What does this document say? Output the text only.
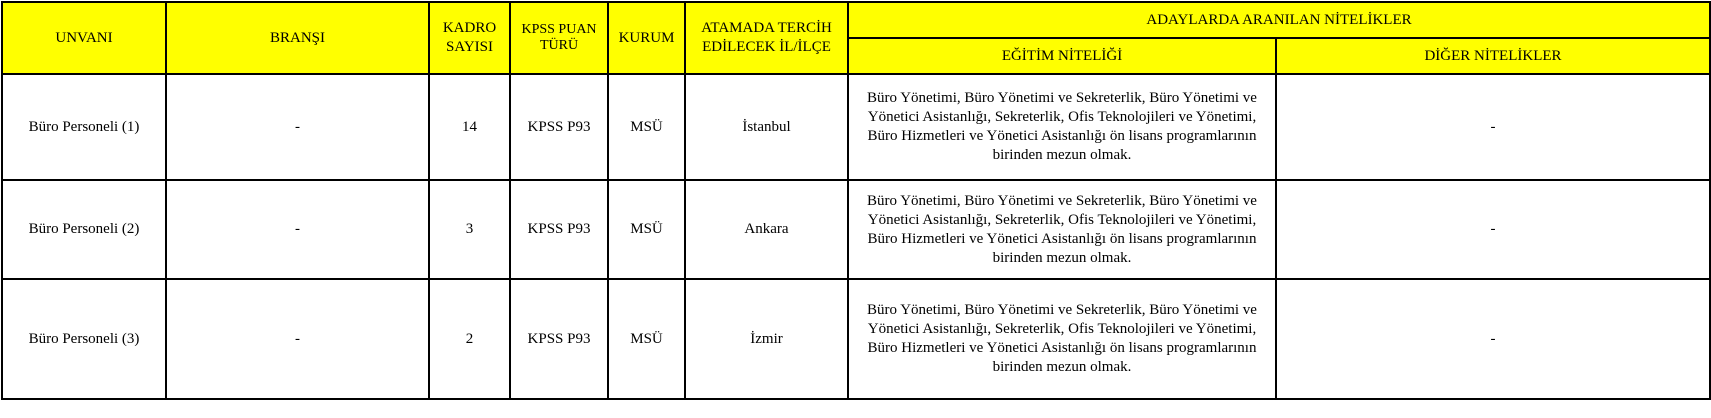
UNVANI	BRANŞI	KADRO SAYISI	KPSS PUAN TÜRÜ	KURUM	ATAMADA TERCİH EDİLECEK İL/İLÇE	ADAYLARDA ARANILAN NİTELİKLER	
						EĞİTİM NİTELİĞİ	DİĞER NİTELİKLER
Büro Personeli (1)	-	14	KPSS P93	MSÜ	İstanbul	Büro Yönetimi, Büro Yönetimi ve Sekreterlik, Büro Yönetimi ve Yönetici Asistanlığı, Sekreterlik, Ofis Teknolojileri ve Yönetimi, Büro Hizmetleri ve Yönetici Asistanlığı ön lisans programlarının birinden mezun olmak.	-
Büro Personeli (2)	-	3	KPSS P93	MSÜ	Ankara	Büro Yönetimi, Büro Yönetimi ve Sekreterlik, Büro Yönetimi ve Yönetici Asistanlığı, Sekreterlik, Ofis Teknolojileri ve Yönetimi, Büro Hizmetleri ve Yönetici Asistanlığı ön lisans programlarının birinden mezun olmak.	-
Büro Personeli (3)	-	2	KPSS P93	MSÜ	İzmir	Büro Yönetimi, Büro Yönetimi ve Sekreterlik, Büro Yönetimi ve Yönetici Asistanlığı, Sekreterlik, Ofis Teknolojileri ve Yönetimi, Büro Hizmetleri ve Yönetici Asistanlığı ön lisans programlarının birinden mezun olmak.	-
